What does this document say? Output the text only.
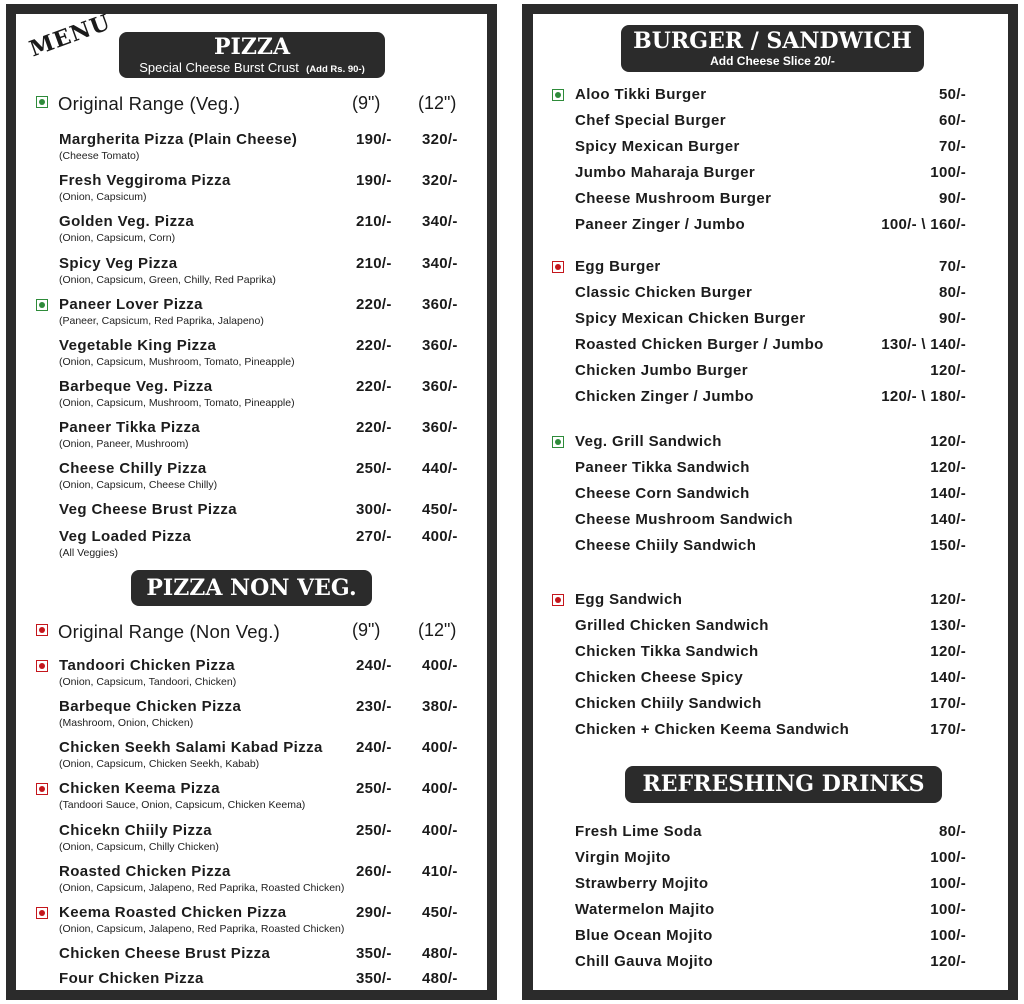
MENU	PIZZA
Special Cheese Burst Crust (Add Rs. 90-)
Original Range (Veg.)	(9") (12")
Margherita Pizza (Plain Cheese)
(Cheese Tomato)
190/- 320/-
Fresh Veggiroma Pizza
(Onion, Capsicum)
190/- 320/-
Golden Veg. Pizza
(Onion, Capsicum, Corn)
210/- 340/-
Spicy Veg Pizza
(Onion, Capsicum, Green, Chilly, Red Paprika)
210/- 340/-
Paneer Lover Pizza
(Paneer, Capsicum, Red Paprika, Jalapeno)
220/- 360/-
Vegetable King Pizza
(Onion, Capsicum, Mushroom, Tomato, Pineapple)
220/- 360/-
Barbeque Veg. Pizza
(Onion, Capsicum, Mushroom, Tomato, Pineapple)
220/- 360/-
Paneer Tikka Pizza
(Onion, Paneer, Mushroom)
220/- 360/-
Cheese Chilly Pizza
(Onion, Capsicum, Cheese Chilly)
250/- 440/-
Veg Cheese Brust Pizza	300/- 450/-
Veg Loaded Pizza
(All Veggies)
270/- 400/-
PIZZA NON VEG.
Original Range (Non Veg.)	(9") (12")
Tandoori Chicken Pizza
(Onion, Capsicum, Tandoori, Chicken)
240/- 400/-
Barbeque Chicken Pizza
(Mashroom, Onion, Chicken)
230/- 380/-
Chicken Seekh Salami Kabad Pizza
(Onion, Capsicum, Chicken Seekh, Kabab)
240/- 400/-
Chicken Keema Pizza
(Tandoori Sauce, Onion, Capsicum, Chicken Keema)
250/- 400/-
Chicekn Chiily Pizza
(Onion, Capsicum, Chilly Chicken)
250/- 400/-
Roasted Chicken Pizza
(Onion, Capsicum, Jalapeno, Red Paprika, Roasted Chicken)
260/- 410/-
Keema Roasted Chicken Pizza
(Onion, Capsicum, Jalapeno, Red Paprika, Roasted Chicken)
290/- 450/-
Chicken Cheese Brust Pizza	350/- 480/-
Four Chicken Pizza	350/- 480/-
BURGER / SANDWICH
Add Cheese Slice 20/-
Aloo Tikki Burger	50/-
Chef Special Burger	60/-
Spicy Mexican Burger	70/-
Jumbo Maharaja Burger	100/-
Cheese Mushroom Burger	90/-
Paneer Zinger / Jumbo	100/- \ 160/-
Egg Burger	70/-
Classic Chicken Burger	80/-
Spicy Mexican Chicken Burger	90/-
Roasted Chicken Burger / Jumbo	130/- \ 140/-
Chicken Jumbo Burger	120/-
Chicken Zinger / Jumbo	120/- \ 180/-
Veg. Grill Sandwich	120/-
Paneer Tikka Sandwich	120/-
Cheese Corn Sandwich	140/-
Cheese Mushroom Sandwich	140/-
Cheese Chiily Sandwich	150/-
Egg Sandwich	120/-
Grilled Chicken Sandwich	130/-
Chicken Tikka Sandwich	120/-
Chicken Cheese Spicy	140/-
Chicken Chiily Sandwich	170/-
Chicken + Chicken Keema Sandwich	170/-
REFRESHING DRINKS
Fresh Lime Soda	80/-
Virgin Mojito	100/-
Strawberry Mojito	100/-
Watermelon Majito	100/-
Blue Ocean Mojito	100/-
Chill Gauva Mojito	120/-
